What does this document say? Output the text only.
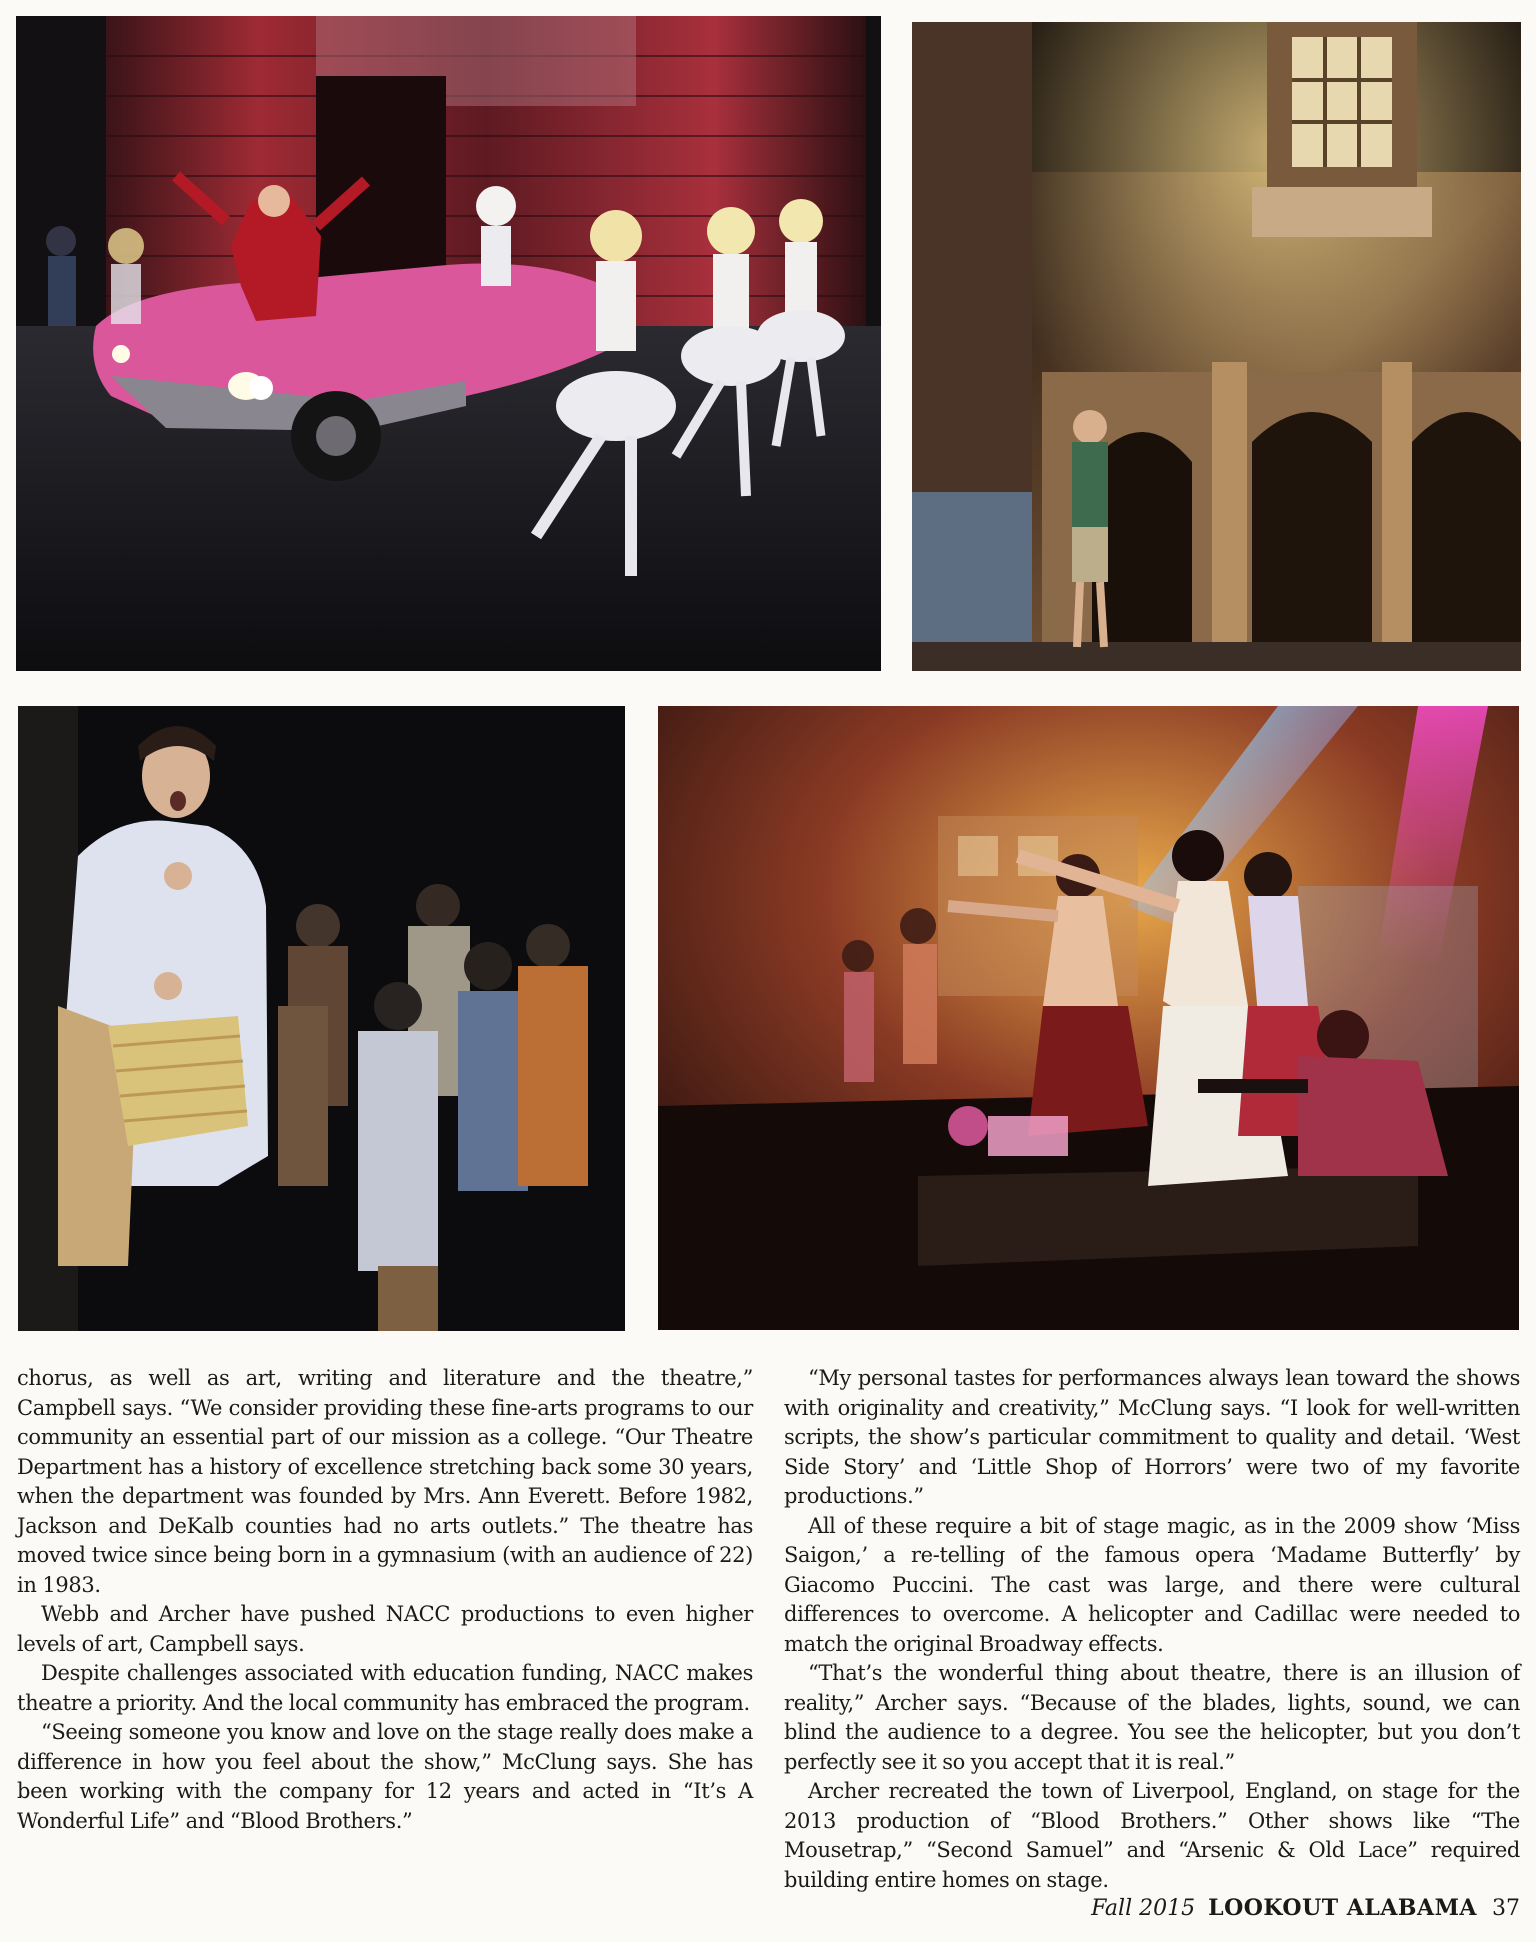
chorus, as well as art, writing and literature and the theatre,” Campbell says. “We consider providing these fine-arts programs to our community an essential part of our mission as a college. “Our Theatre Department has a history of excellence stretching back some 30 years, when the department was founded by Mrs. Ann Everett. Before 1982, Jackson and DeKalb counties had no arts outlets.” The theatre has moved twice since being born in a gymnasium (with an audience of 22) in 1983.

Webb and Archer have pushed NACC productions to even higher levels of art, Campbell says.

Despite challenges associated with education funding, NACC makes theatre a priority. And the local community has embraced the program.

“Seeing someone you know and love on the stage really does make a difference in how you feel about the show,” McClung says. She has been working with the company for 12 years and acted in “It’s A Wonderful Life” and “Blood Brothers.”

“My personal tastes for performances always lean toward the shows with originality and creativity,” McClung says. “I look for well-written scripts, the show’s particular commitment to quality and detail. ‘West Side Story’ and ‘Little Shop of Horrors’ were two of my favorite productions.”

All of these require a bit of stage magic, as in the 2009 show ‘Miss Saigon,’ a re-telling of the famous opera ‘Madame Butterfly’ by Giacomo Puccini. The cast was large, and there were cultural differences to overcome. A helicopter and Cadillac were needed to match the original Broadway effects.

“That’s the wonderful thing about theatre, there is an illusion of reality,” Archer says. “Because of the blades, lights, sound, we can blind the audience to a degree. You see the helicopter, but you don’t perfectly see it so you accept that it is real.”

Archer recreated the town of Liverpool, England, on stage for the 2013 production of “Blood Brothers.” Other shows like “The Mousetrap,” “Second Samuel” and “Arsenic & Old Lace” required building entire homes on stage.

Fall 2015 LOOKOUT ALABAMA 37
